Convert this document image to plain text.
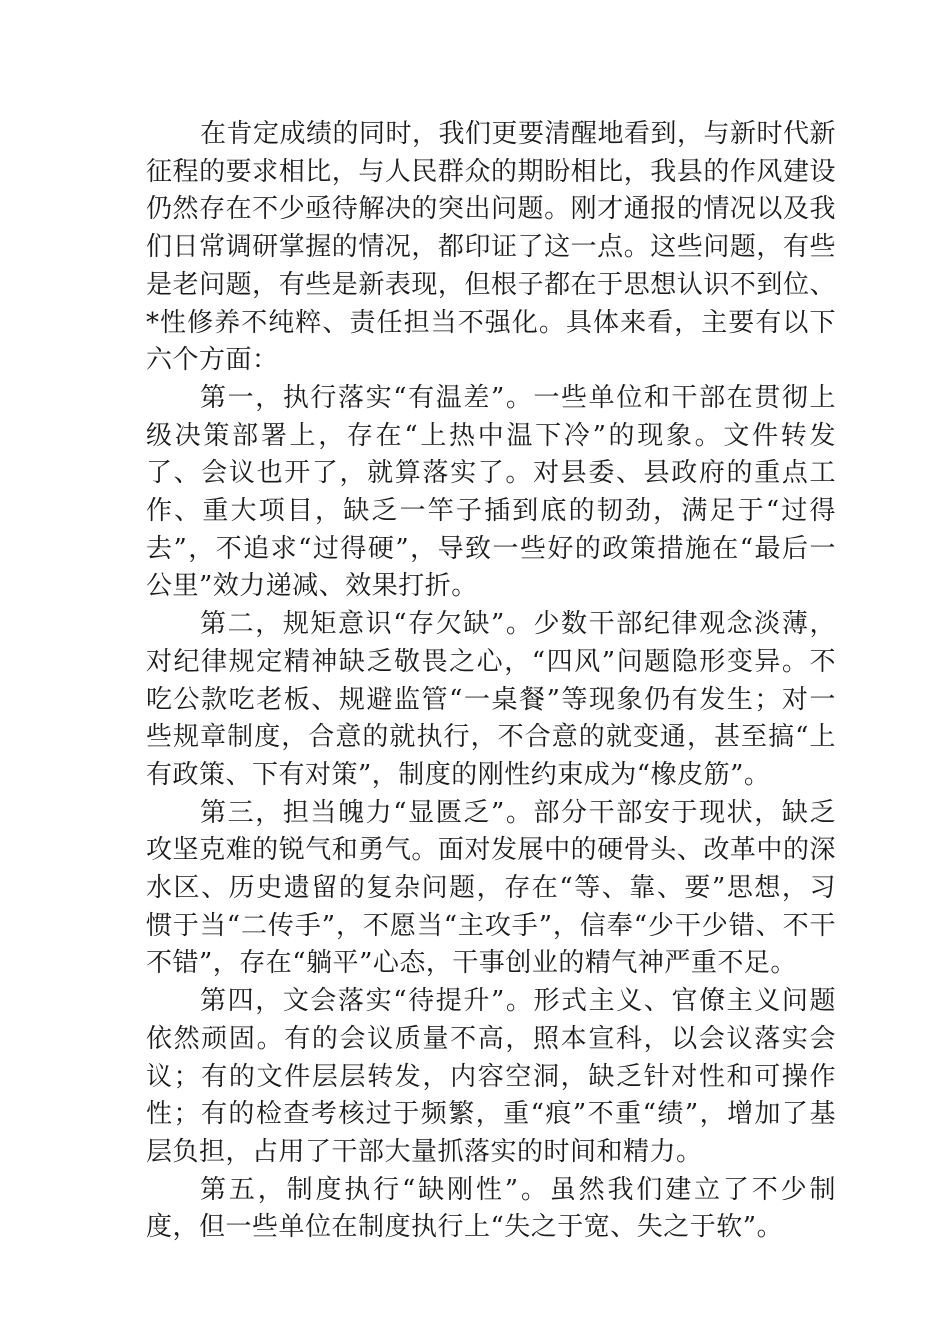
在肯定成绩的同时，我们更要清醒地看到，与新时代新征程的要求相比，与人民群众的期盼相比，我县的作风建设仍然存在不少亟待解决的突出问题。刚才通报的情况以及我们日常调研掌握的情况，都印证了这一点。这些问题，有些是老问题，有些是新表现，但根子都在于思想认识不到位、*性修养不纯粹、责任担当不强化。具体来看，主要有以下六个方面：

第一，执行落实“有温差”。一些单位和干部在贯彻上级决策部署上，存在“上热中温下冷”的现象。文件转发了、会议也开了，就算落实了。对县委、县政府的重点工作、重大项目，缺乏一竿子插到底的韧劲，满足于“过得去”，不追求“过得硬”，导致一些好的政策措施在“最后一公里”效力递减、效果打折。

第二，规矩意识“存欠缺”。少数干部纪律观念淡薄，对纪律规定精神缺乏敬畏之心，“四风”问题隐形变异。不吃公款吃老板、规避监管“一桌餐”等现象仍有发生；对一些规章制度，合意的就执行，不合意的就变通，甚至搞“上有政策、下有对策”，制度的刚性约束成为“橡皮筋”。

第三，担当魄力“显匮乏”。部分干部安于现状，缺乏攻坚克难的锐气和勇气。面对发展中的硬骨头、改革中的深水区、历史遗留的复杂问题，存在“等、靠、要”思想，习惯于当“二传手”，不愿当“主攻手”，信奉“少干少错、不干不错”，存在“躺平”心态，干事创业的精气神严重不足。

第四，文会落实“待提升”。形式主义、官僚主义问题依然顽固。有的会议质量不高，照本宣科，以会议落实会议；有的文件层层转发，内容空洞，缺乏针对性和可操作性；有的检查考核过于频繁，重“痕”不重“绩”，增加了基层负担，占用了干部大量抓落实的时间和精力。

第五，制度执行“缺刚性”。虽然我们建立了不少制度，但一些单位在制度执行上“失之于宽、失之于软”。
